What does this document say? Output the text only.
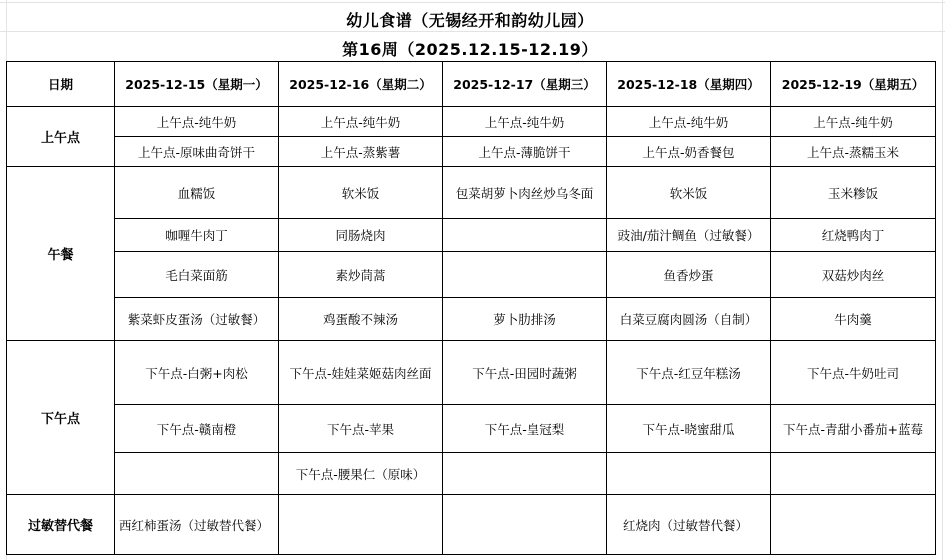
幼儿食谱（无锡经开和韵幼儿园）
第16周（2025.12.15-12.19）
日期	2025-12-15（星期一）	2025-12-16（星期二）	2025-12-17（星期三）	2025-12-18（星期四）	2025-12-19（星期五）
上午点	上午点-纯牛奶	上午点-纯牛奶	上午点-纯牛奶	上午点-纯牛奶	上午点-纯牛奶
	上午点-原味曲奇饼干	上午点-蒸紫薯	上午点-薄脆饼干	上午点-奶香餐包	上午点-蒸糯玉米
午餐	血糯饭	软米饭	包菜胡萝卜肉丝炒乌冬面	软米饭	玉米糁饭
	咖喱牛肉丁	同肠烧肉		豉油/茄汁鲷鱼（过敏餐）	红烧鸭肉丁
	毛白菜面筋	素炒茼蒿		鱼香炒蛋	双菇炒肉丝
	紫菜虾皮蛋汤（过敏餐）	鸡蛋酸不辣汤	萝卜肋排汤	白菜豆腐肉圆汤（自制）	牛肉羹
下午点	下午点-白粥+肉松	下午点-娃娃菜姬菇肉丝面	下午点-田园时蔬粥	下午点-红豆年糕汤	下午点-牛奶吐司
	下午点-赣南橙	下午点-苹果	下午点-皇冠梨	下午点-晓蜜甜瓜	下午点-青甜小番茄+蓝莓
		下午点-腰果仁（原味）			
过敏替代餐	西红柿蛋汤（过敏替代餐）			红烧肉（过敏替代餐）	
